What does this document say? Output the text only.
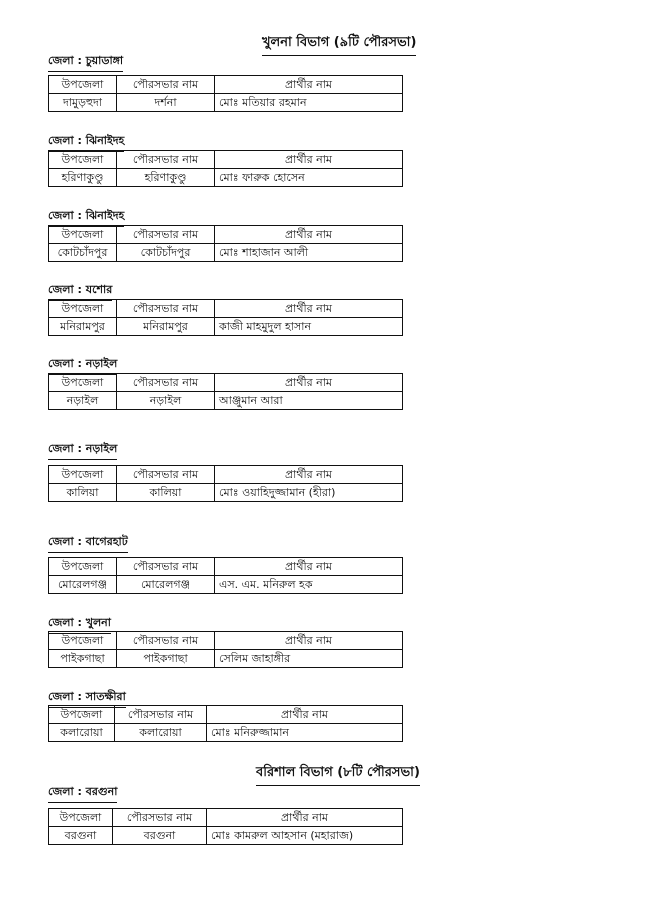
খুলনা বিভাগ (৯টি পৌরসভা)
জেলা : চুয়াডাঙ্গা
উপজেলা	পৌরসভার নাম	প্রার্থীর নাম
দামুড়হুদা	দর্শনা	মোঃ মতিয়ার রহমান
জেলা : ঝিনাইদহ
উপজেলা	পৌরসভার নাম	প্রার্থীর নাম
হরিণাকুণ্ডু	হরিণাকুণ্ডু	মোঃ ফারুক হোসেন
জেলা : ঝিনাইদহ
উপজেলা	পৌরসভার নাম	প্রার্থীর নাম
কোটচাঁদপুর	কোটচাঁদপুর	মোঃ শাহাজান আলী
জেলা : যশোর
উপজেলা	পৌরসভার নাম	প্রার্থীর নাম
মনিরামপুর	মনিরামপুর	কাজী মাহমুদুল হাসান
জেলা : নড়াইল
উপজেলা	পৌরসভার নাম	প্রার্থীর নাম
নড়াইল	নড়াইল	আঞ্জুমান আরা
জেলা : নড়াইল
উপজেলা	পৌরসভার নাম	প্রার্থীর নাম
কালিয়া	কালিয়া	মোঃ ওয়াহিদুজ্জামান (হীরা)
জেলা : বাগেরহাট
উপজেলা	পৌরসভার নাম	প্রার্থীর নাম
মোরেলগঞ্জ	মোরেলগঞ্জ	এস. এম. মনিরুল হক
জেলা : খুলনা
উপজেলা	পৌরসভার নাম	প্রার্থীর নাম
পাইকগাছা	পাইকগাছা	সেলিম জাহাঙ্গীর
জেলা : সাতক্ষীরা
উপজেলা	পৌরসভার নাম	প্রার্থীর নাম
কলারোয়া	কলারোয়া	মোঃ মনিরুজ্জামান
বরিশাল বিভাগ (৮টি পৌরসভা)
জেলা : বরগুনা
উপজেলা	পৌরসভার নাম	প্রার্থীর নাম
বরগুনা	বরগুনা	মোঃ কামরুল আহসান (মহারাজ)
